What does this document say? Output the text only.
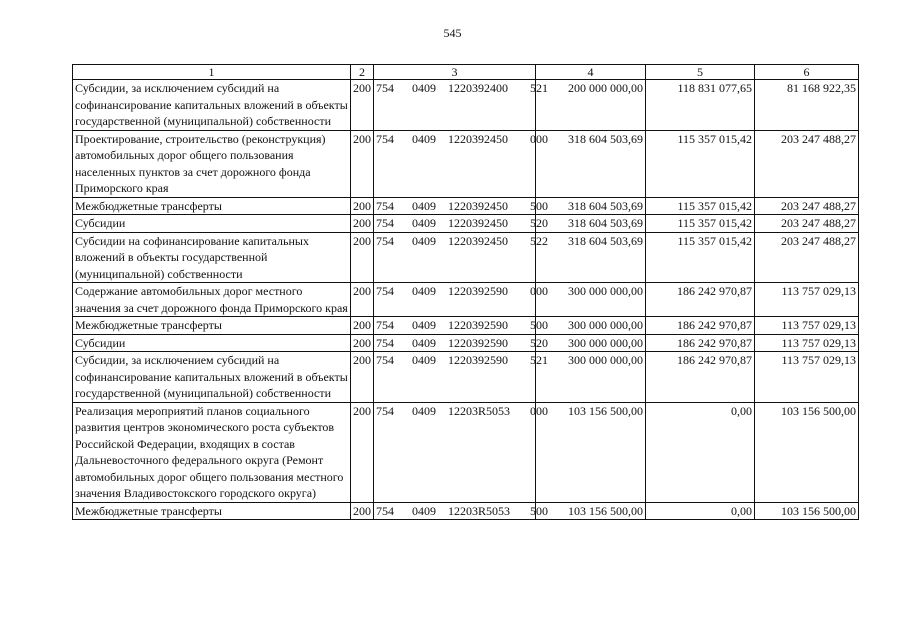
545
1	2	3	4	5	6
Субсидии, за исключением субсидий на софинансирование капитальных вложений в объекты государственной (муниципальной) собственности	200	754 0409 1220392400 521	200 000 000,00	118 831 077,65	81 168 922,35
Проектирование, строительство (реконструкция) автомобильных дорог общего пользования населенных пунктов за счет дорожного фонда Приморского края	200	754 0409 1220392450 000	318 604 503,69	115 357 015,42	203 247 488,27
Межбюджетные трансферты	200	754 0409 1220392450 500	318 604 503,69	115 357 015,42	203 247 488,27
Субсидии	200	754 0409 1220392450 520	318 604 503,69	115 357 015,42	203 247 488,27
Субсидии на софинансирование капитальных вложений в объекты государственной (муниципальной) собственности	200	754 0409 1220392450 522	318 604 503,69	115 357 015,42	203 247 488,27
Содержание автомобильных дорог местного значения за счет дорожного фонда Приморского края	200	754 0409 1220392590 000	300 000 000,00	186 242 970,87	113 757 029,13
Межбюджетные трансферты	200	754 0409 1220392590 500	300 000 000,00	186 242 970,87	113 757 029,13
Субсидии	200	754 0409 1220392590 520	300 000 000,00	186 242 970,87	113 757 029,13
Субсидии, за исключением субсидий на софинансирование капитальных вложений в объекты государственной (муниципальной) собственности	200	754 0409 1220392590 521	300 000 000,00	186 242 970,87	113 757 029,13
Реализация мероприятий планов социального развития центров экономического роста субъектов Российской Федерации, входящих в состав Дальневосточного федерального округа (Ремонт автомобильных дорог общего пользования местного значения Владивостокского городского округа)	200	754 0409 12203R5053 000	103 156 500,00	0,00	103 156 500,00
Межбюджетные трансферты	200	754 0409 12203R5053 500	103 156 500,00	0,00	103 156 500,00
